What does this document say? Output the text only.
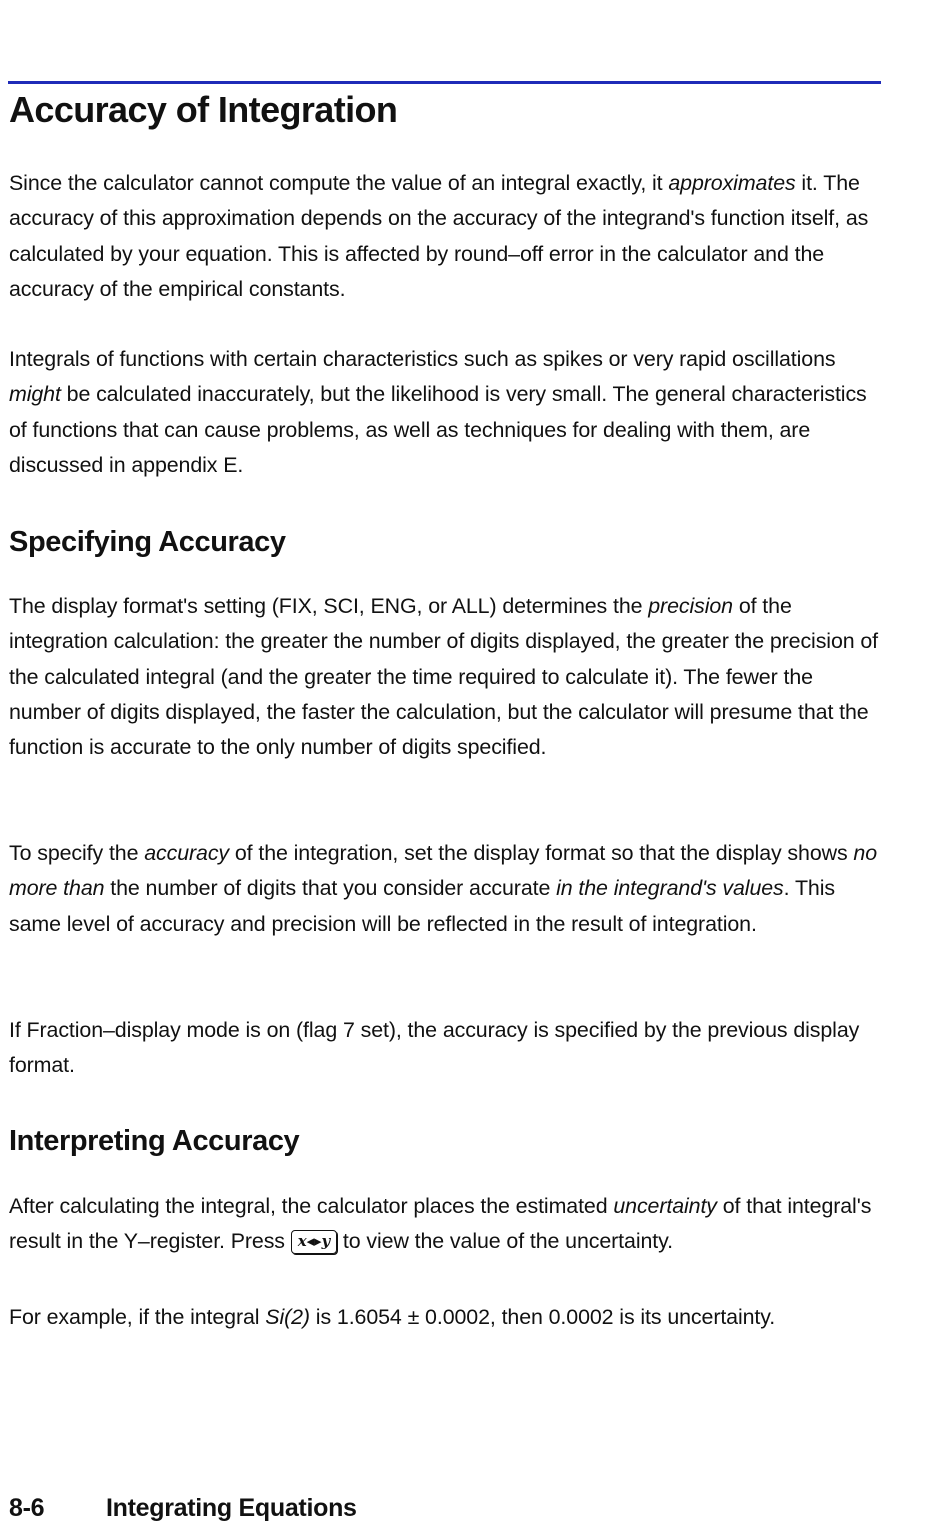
Accuracy of Integration

Since the calculator cannot compute the value of an integral exactly, it approximates it. The accuracy of this approximation depends on the accuracy of the integrand's function itself, as calculated by your equation. This is affected by round–off error in the calculator and the accuracy of the empirical constants.

Integrals of functions with certain characteristics such as spikes or very rapid oscillations might be calculated inaccurately, but the likelihood is very small. The general characteristics of functions that can cause problems, as well as techniques for dealing with them, are discussed in appendix E.

Specifying Accuracy

The display format's setting (FIX, SCI, ENG, or ALL) determines the precision of the integration calculation: the greater the number of digits displayed, the greater the precision of the calculated integral (and the greater the time required to calculate it). The fewer the number of digits displayed, the faster the calculation, but the calculator will presume that the function is accurate to the only number of digits specified.

To specify the accuracy of the integration, set the display format so that the display shows no more than the number of digits that you consider accurate in the integrand's values. This same level of accuracy and precision will be reflected in the result of integration.

If Fraction–display mode is on (flag 7 set), the accuracy is specified by the previous display format.

Interpreting Accuracy

After calculating the integral, the calculator places the estimated uncertainty of that integral's result in the Y–register. Press x◂▸y to view the value of the uncertainty.

For example, if the integral Si(2) is 1.6054 ± 0.0002, then 0.0002 is its uncertainty.

8-6 Integrating Equations
